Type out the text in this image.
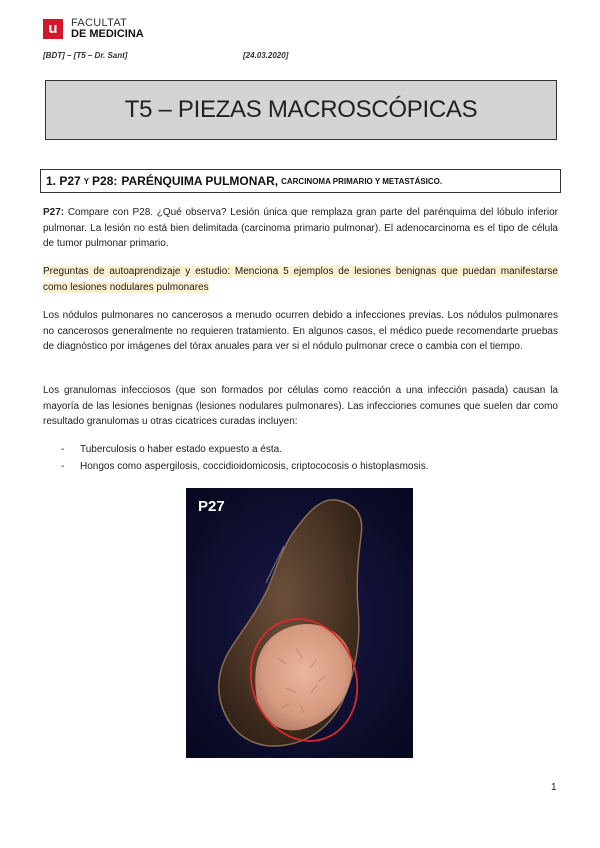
u	FACULTAT
DE MEDICINA
[BDT] – [T5 – Dr. Sant]	[24.03.2020]
T5 – PIEZAS MACROSCÓPICAS
1. P27 Y P28: PARÉNQUIMA PULMONAR, CARCINOMA PRIMARIO Y METASTÁSICO.
P27: Compare con P28. ¿Qué observa? Lesión única que remplaza gran parte del parénquima del lóbulo inferior pulmonar. La lesión no está bien delimitada (carcinoma primario pulmonar). El adenocarcinoma es el tipo de célula de tumor pulmonar primario.
Preguntas de autoaprendizaje y estudio: Menciona 5 ejemplos de lesiones benignas que puedan manifestarse como lesiones nodulares pulmonares
Los nódulos pulmonares no cancerosos a menudo ocurren debido a infecciones previas. Los nódulos pulmonares no cancerosos generalmente no requieren tratamiento. En algunos casos, el médico puede recomendarte pruebas de diagnóstico por imágenes del tórax anuales para ver si el nódulo pulmonar crece o cambia con el tiempo.
Los granulomas infecciosos (que son formados por células como reacción a una infección pasada) causan la mayoría de las lesiones benignas (lesiones nodulares pulmonares). Las infecciones comunes que suelen dar como resultado granulomas u otras cicatrices curadas incluyen:
-	Tuberculosis o haber estado expuesto a ésta.
-	Hongos como aspergilosis, coccidioidomicosis, criptococosis o histoplasmosis.
P27
1
